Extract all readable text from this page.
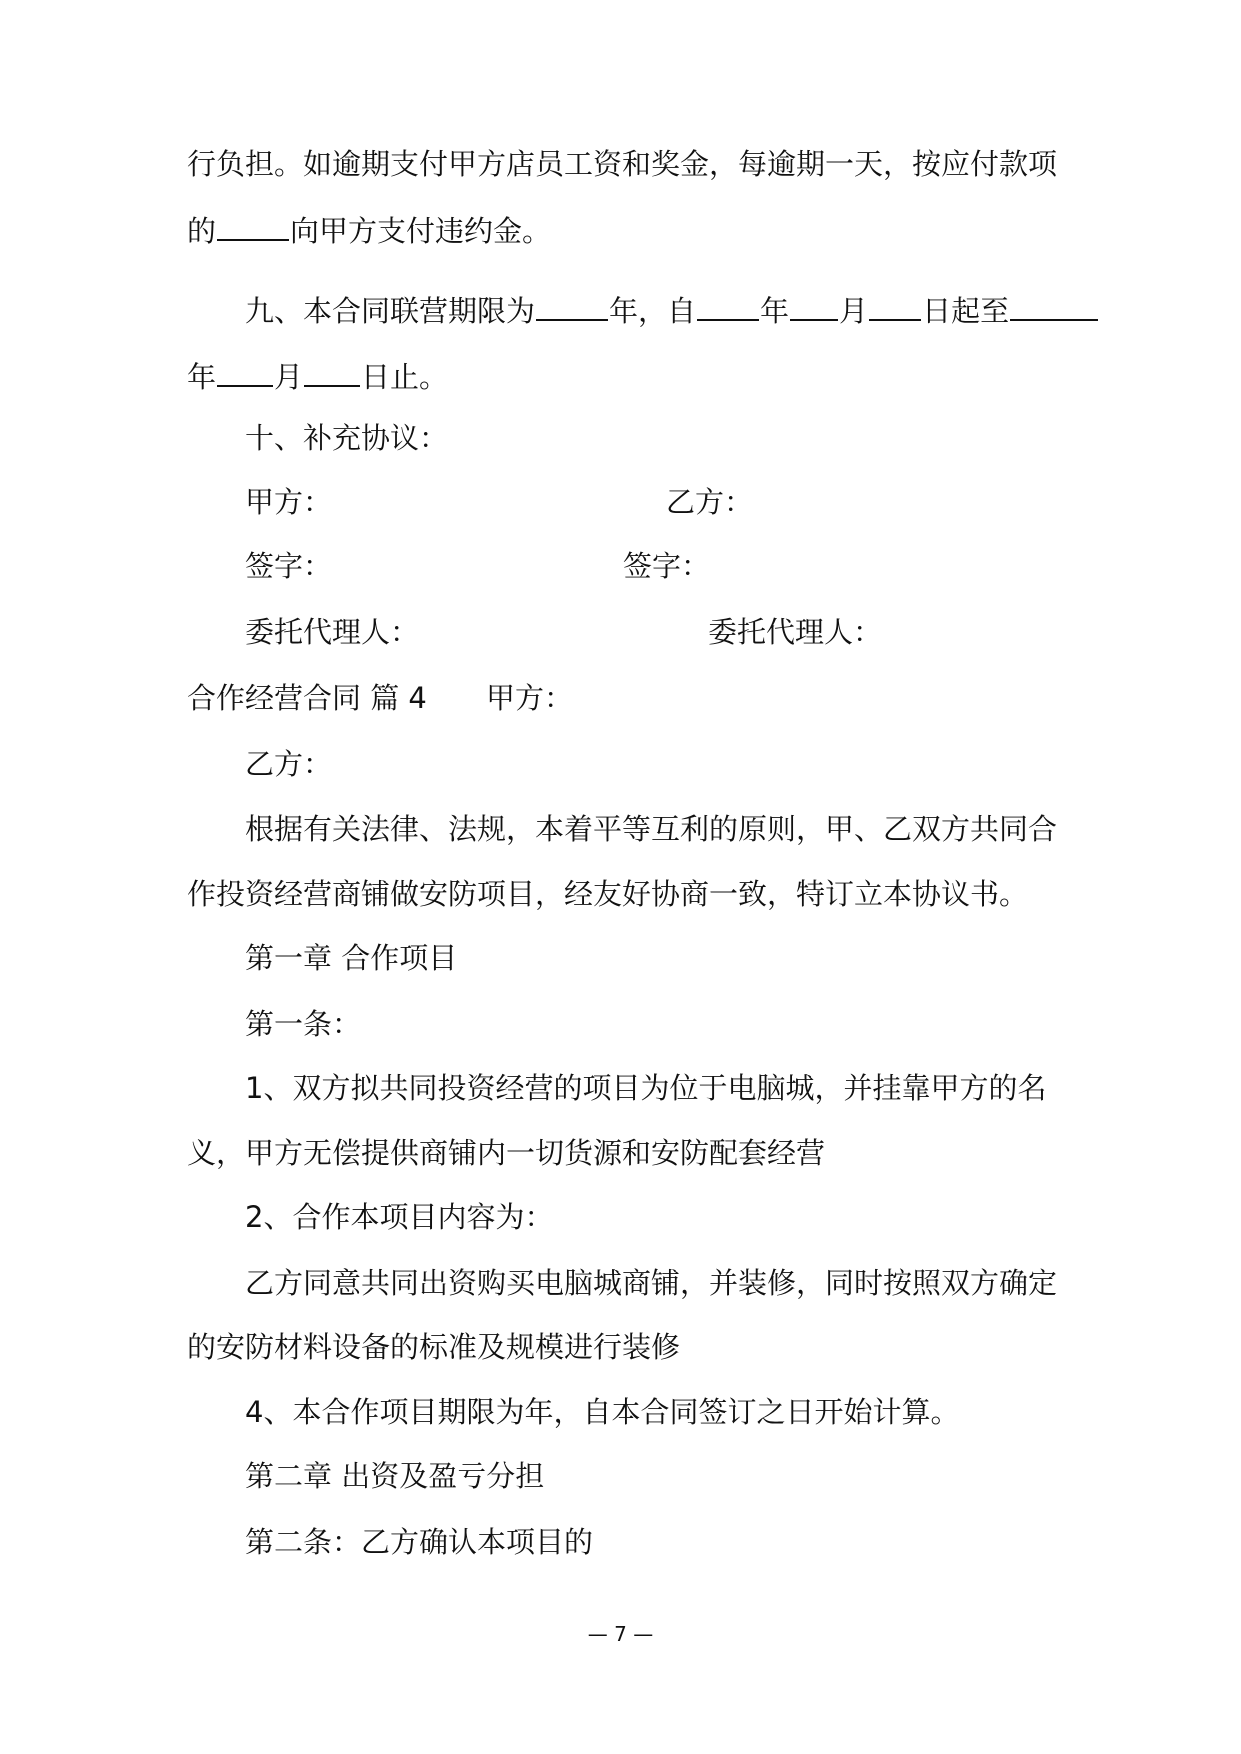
行负担。如逾期支付甲方店员工资和奖金，每逾期一天，按应付款项
的	向甲方支付违约金。
九、本合同联营期限为	年，自 年 月 日起至
年 月 日止。
十、补充协议：
甲方：	乙方：
签字：	签字：
委托代理人：	委托代理人：
合作经营合同 篇 4 甲方：
乙方：
根据有关法律、法规，本着平等互利的原则，甲、乙双方共同合
作投资经营商铺做安防项目，经友好协商一致，特订立本协议书。
第一章 合作项目
第一条：
1、双方拟共同投资经营的项目为位于电脑城，并挂靠甲方的名
义，甲方无偿提供商铺内一切货源和安防配套经营
2、合作本项目内容为：
乙方同意共同出资购买电脑城商铺，并装修，同时按照双方确定
的安防材料设备的标准及规模进行装修
4、本合作项目期限为年，自本合同签订之日开始计算。
第二章 出资及盈亏分担
第二条：乙方确认本项目的
— 7 —
